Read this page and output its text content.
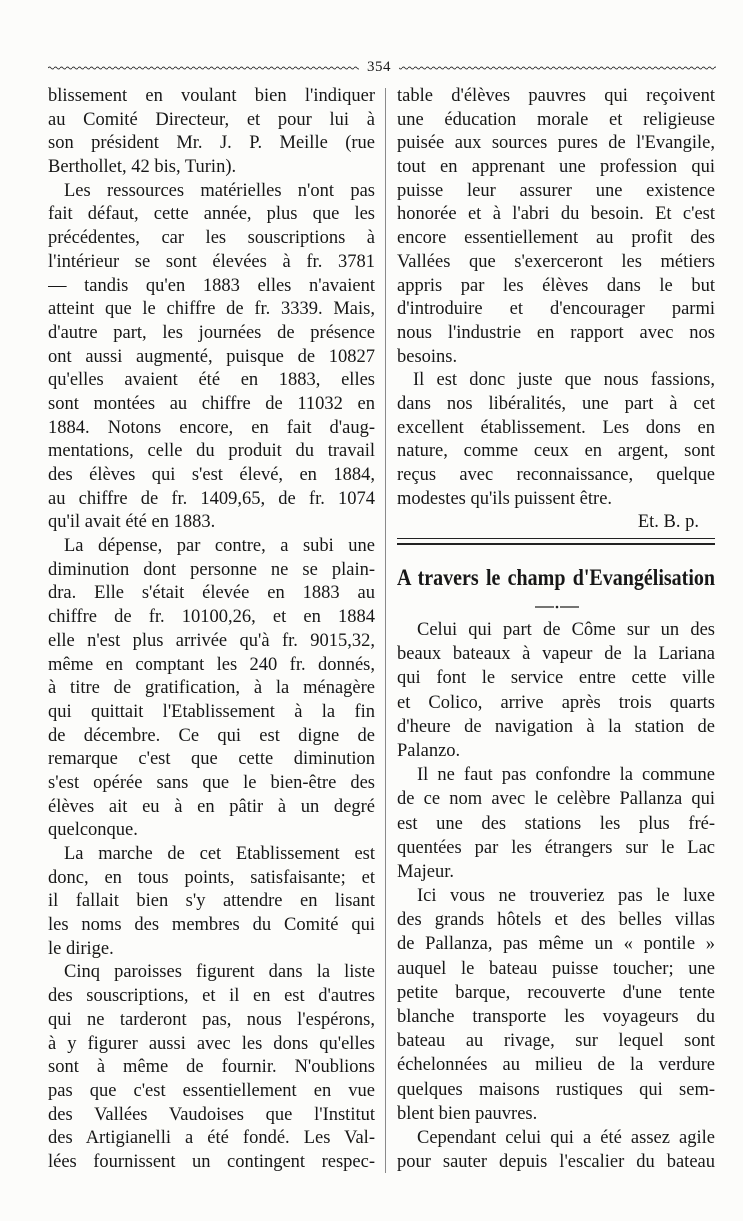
354
blissement en voulant bien l'indiquer
au Comité Directeur, et pour lui à
son président Mr. J. P. Meille (rue
Berthollet, 42 bis, Turin).
Les ressources matérielles n'ont pas
fait défaut, cette année, plus que les
précédentes, car les souscriptions à
l'intérieur se sont élevées à fr. 3781
— tandis qu'en 1883 elles n'avaient
atteint que le chiffre de fr. 3339. Mais,
d'autre part, les journées de présence
ont aussi augmenté, puisque de 10827
qu'elles avaient été en 1883, elles
sont montées au chiffre de 11032 en
1884. Notons encore, en fait d'aug-
mentations, celle du produit du travail
des élèves qui s'est élevé, en 1884,
au chiffre de fr. 1409,65, de fr. 1074
qu'il avait été en 1883.
La dépense, par contre, a subi une
diminution dont personne ne se plain-
dra. Elle s'était élevée en 1883 au
chiffre de fr. 10100,26, et en 1884
elle n'est plus arrivée qu'à fr. 9015,32,
même en comptant les 240 fr. donnés,
à titre de gratification, à la ménagère
qui quittait l'Etablissement à la fin
de décembre. Ce qui est digne de
remarque c'est que cette diminution
s'est opérée sans que le bien-être des
élèves ait eu à en pâtir à un degré
quelconque.
La marche de cet Etablissement est
donc, en tous points, satisfaisante; et
il fallait bien s'y attendre en lisant
les noms des membres du Comité qui
le dirige.
Cinq paroisses figurent dans la liste
des souscriptions, et il en est d'autres
qui ne tarderont pas, nous l'espérons,
à y figurer aussi avec les dons qu'elles
sont à même de fournir. N'oublions
pas que c'est essentiellement en vue
des Vallées Vaudoises que l'Institut
des Artigianelli a été fondé. Les Val-
lées fournissent un contingent respec-
table d'élèves pauvres qui reçoivent
une éducation morale et religieuse
puisée aux sources pures de l'Evangile,
tout en apprenant une profession qui
puisse leur assurer une existence
honorée et à l'abri du besoin. Et c'est
encore essentiellement au profit des
Vallées que s'exerceront les métiers
appris par les élèves dans le but
d'introduire et d'encourager parmi
nous l'industrie en rapport avec nos
besoins.
Il est donc juste que nous fassions,
dans nos libéralités, une part à cet
excellent établissement. Les dons en
nature, comme ceux en argent, sont
reçus avec reconnaissance, quelque
modestes qu'ils puissent être.
Et. B. p.
A travers le champ d'Evangélisation
Celui qui part de Côme sur un des
beaux bateaux à vapeur de la Lariana
qui font le service entre cette ville
et Colico, arrive après trois quarts
d'heure de navigation à la station de
Palanzo.
Il ne faut pas confondre la commune
de ce nom avec le celèbre Pallanza qui
est une des stations les plus fré-
quentées par les étrangers sur le Lac
Majeur.
Ici vous ne trouveriez pas le luxe
des grands hôtels et des belles villas
de Pallanza, pas même un « pontile »
auquel le bateau puisse toucher; une
petite barque, recouverte d'une tente
blanche transporte les voyageurs du
bateau au rivage, sur lequel sont
échelonnées au milieu de la verdure
quelques maisons rustiques qui sem-
blent bien pauvres.
Cependant celui qui a été assez agile
pour sauter depuis l'escalier du bateau
